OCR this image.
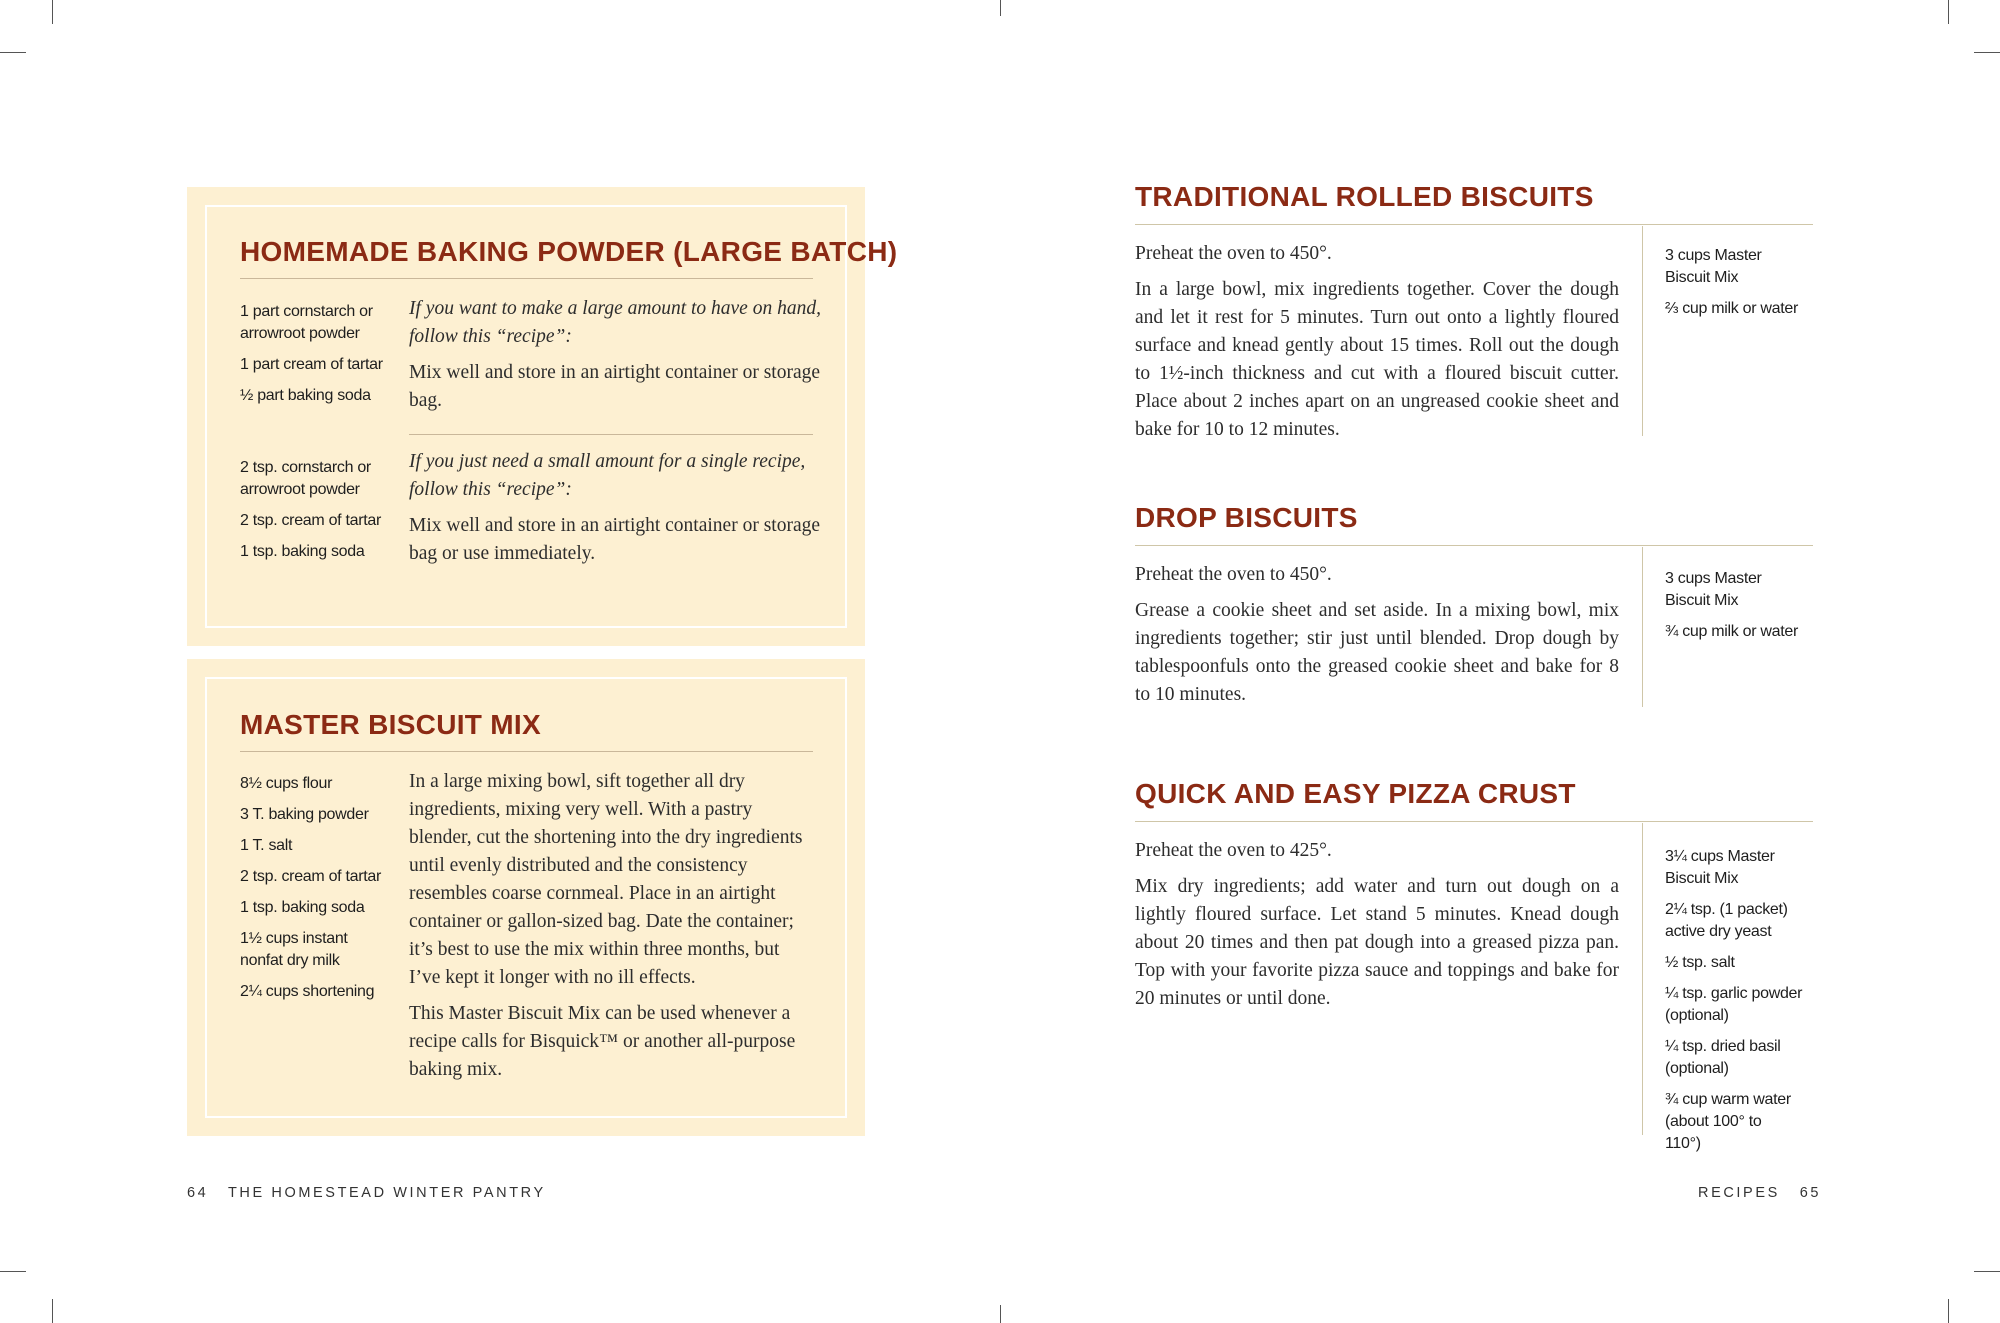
HOMEMADE BAKING POWDER (LARGE BATCH)
1 part cornstarch or arrowroot powder
1 part cream of tartar
½ part baking soda

If you want to make a large amount to have on hand, follow this “recipe”:

Mix well and store in an airtight container or storage bag.

2 tsp. cornstarch or arrowroot powder
2 tsp. cream of tartar
1 tsp. baking soda

If you just need a small amount for a single recipe, follow this “recipe”:

Mix well and store in an airtight container or storage bag or use immediately.

MASTER BISCUIT MIX
8½ cups flour
3 T. baking powder
1 T. salt
2 tsp. cream of tartar
1 tsp. baking soda
1½ cups instant nonfat dry milk
2¼ cups shortening

In a large mixing bowl, sift together all dry ingredients, mixing very well. With a pastry blender, cut the shortening into the dry ingredients until evenly distributed and the consistency resembles coarse cornmeal. Place in an airtight container or gallon-sized bag. Date the container; it’s best to use the mix within three months, but I’ve kept it longer with no ill effects.

This Master Biscuit Mix can be used whenever a recipe calls for Bisquick™ or another all-purpose baking mix.

64 THE HOMESTEAD WINTER PANTRY
TRADITIONAL ROLLED BISCUITS

Preheat the oven to 450°.

In a large bowl, mix ingredients together. Cover the dough and let it rest for 5 minutes. Turn out onto a lightly floured surface and knead gently about 15 times. Roll out the dough to 1½-inch thickness and cut with a floured biscuit cutter. Place about 2 inches apart on an ungreased cookie sheet and bake for 10 to 12 minutes.

3 cups Master Biscuit Mix
⅔ cup milk or water
DROP BISCUITS

Preheat the oven to 450°.

Grease a cookie sheet and set aside. In a mixing bowl, mix ingredients together; stir just until blended. Drop dough by tablespoonfuls onto the greased cookie sheet and bake for 8 to 10 minutes.

3 cups Master Biscuit Mix
¾ cup milk or water
QUICK AND EASY PIZZA CRUST

Preheat the oven to 425°.

Mix dry ingredients; add water and turn out dough on a lightly floured surface. Let stand 5 minutes. Knead dough about 20 times and then pat dough into a greased pizza pan. Top with your favorite pizza sauce and toppings and bake for 20 minutes or until done.

3¼ cups Master Biscuit Mix
2¼ tsp. (1 packet) active dry yeast
½ tsp. salt
¼ tsp. garlic powder (optional)
¼ tsp. dried basil (optional)
¾ cup warm water (about 100° to 110°)
RECIPES 65
